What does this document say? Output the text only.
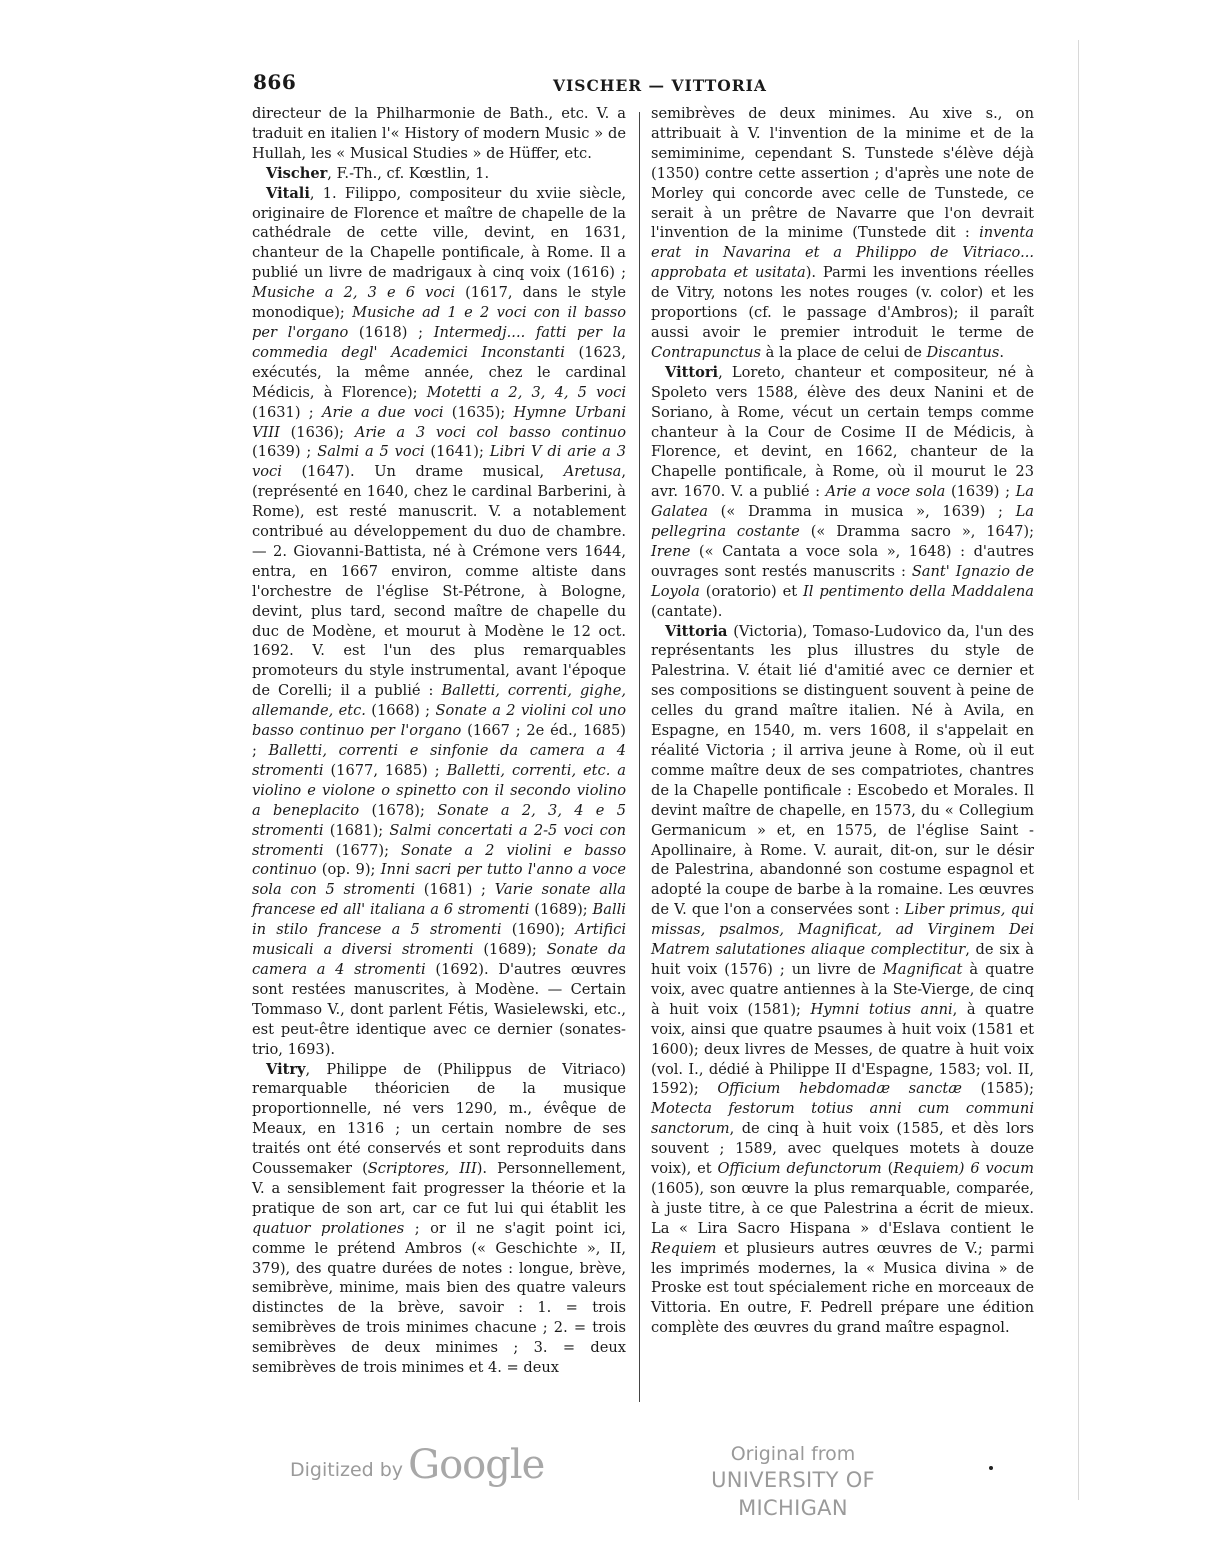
866	VISCHER — VITTORIA

directeur de la Philharmonie de Bath., etc. V. a traduit en italien l'« History of modern Music » de Hullah, les « Musical Studies » de Hüffer, etc.

Vischer, F.-Th., cf. Kœstlin, 1.

Vitali, 1. Filippo, compositeur du xviie siècle, originaire de Florence et maître de chapelle de la cathédrale de cette ville, devint, en 1631, chanteur de la Chapelle pontificale, à Rome. Il a publié un livre de madrigaux à cinq voix (1616) ; Musiche a 2, 3 e 6 voci (1617, dans le style monodique); Musiche ad 1 e 2 voci con il basso per l'organo (1618) ; Intermedj.... fatti per la commedia degl' Academici Inconstanti (1623, exécutés, la même année, chez le cardinal Médicis, à Florence); Motetti a 2, 3, 4, 5 voci (1631) ; Arie a due voci (1635); Hymne Urbani VIII (1636); Arie a 3 voci col basso continuo (1639) ; Salmi a 5 voci (1641); Libri V di arie a 3 voci (1647). Un drame musical, Aretusa, (représenté en 1640, chez le cardinal Barberini, à Rome), est resté manuscrit. V. a notablement contribué au développement du duo de chambre. — 2. Giovanni-Battista, né à Crémone vers 1644, entra, en 1667 environ, comme altiste dans l'orchestre de l'église St-Pétrone, à Bologne, devint, plus tard, second maître de chapelle du duc de Modène, et mourut à Modène le 12 oct. 1692. V. est l'un des plus remarquables promoteurs du style instrumental, avant l'époque de Corelli; il a publié : Balletti, correnti, gighe, allemande, etc. (1668) ; Sonate a 2 violini col uno basso continuo per l'organo (1667 ; 2e éd., 1685) ; Balletti, correnti e sinfonie da camera a 4 stromenti (1677, 1685) ; Balletti, correnti, etc. a violino e violone o spinetto con il secondo violino a beneplacito (1678); Sonate a 2, 3, 4 e 5 stromenti (1681); Salmi concertati a 2-5 voci con stromenti (1677); Sonate a 2 violini e basso continuo (op. 9); Inni sacri per tutto l'anno a voce sola con 5 stromenti (1681) ; Varie sonate alla francese ed all' italiana a 6 stromenti (1689); Balli in stilo francese a 5 stromenti (1690); Artifici musicali a diversi stromenti (1689); Sonate da camera a 4 stromenti (1692). D'autres œuvres sont restées manuscrites, à Modène. — Certain Tommaso V., dont parlent Fétis, Wasielewski, etc., est peut-être identique avec ce dernier (sonates-trio, 1693).

Vitry, Philippe de (Philippus de Vitriaco) remarquable théoricien de la musique proportionnelle, né vers 1290, m., évêque de Meaux, en 1316 ; un certain nombre de ses traités ont été conservés et sont reproduits dans Coussemaker (Scriptores, III). Personnellement, V. a sensiblement fait progresser la théorie et la pratique de son art, car ce fut lui qui établit les quatuor prolationes ; or il ne s'agit point ici, comme le prétend Ambros (« Geschichte », II, 379), des quatre durées de notes : longue, brève, semibrève, minime, mais bien des quatre valeurs distinctes de la brève, savoir : 1. = trois semibrèves de trois minimes chacune ; 2. = trois semibrèves de deux minimes ; 3. = deux semibrèves de trois minimes et 4. = deux

semibrèves de deux minimes. Au xive s., on attribuait à V. l'invention de la minime et de la semiminime, cependant S. Tunstede s'élève déjà (1350) contre cette assertion ; d'après une note de Morley qui concorde avec celle de Tunstede, ce serait à un prêtre de Navarre que l'on devrait l'invention de la minime (Tunstede dit : inventa erat in Navarina et a Philippo de Vitriaco... approbata et usitata). Parmi les inventions réelles de Vitry, notons les notes rouges (v. color) et les proportions (cf. le passage d'Ambros); il paraît aussi avoir le premier introduit le terme de Contrapunctus à la place de celui de Discantus.

Vittori, Loreto, chanteur et compositeur, né à Spoleto vers 1588, élève des deux Nanini et de Soriano, à Rome, vécut un certain temps comme chanteur à la Cour de Cosime II de Médicis, à Florence, et devint, en 1662, chanteur de la Chapelle pontificale, à Rome, où il mourut le 23 avr. 1670. V. a publié : Arie a voce sola (1639) ; La Galatea (« Dramma in musica », 1639) ; La pellegrina costante (« Dramma sacro », 1647); Irene (« Cantata a voce sola », 1648) : d'autres ouvrages sont restés manuscrits : Sant' Ignazio de Loyola (oratorio) et Il pentimento della Maddalena (cantate).

Vittoria (Victoria), Tomaso-Ludovico da, l'un des représentants les plus illustres du style de Palestrina. V. était lié d'amitié avec ce dernier et ses compositions se distinguent souvent à peine de celles du grand maître italien. Né à Avila, en Espagne, en 1540, m. vers 1608, il s'appelait en réalité Victoria ; il arriva jeune à Rome, où il eut comme maître deux de ses compatriotes, chantres de la Chapelle pontificale : Escobedo et Morales. Il devint maître de chapelle, en 1573, du « Collegium Germanicum » et, en 1575, de l'église Saint - Apollinaire, à Rome. V. aurait, dit-on, sur le désir de Palestrina, abandonné son costume espagnol et adopté la coupe de barbe à la romaine. Les œuvres de V. que l'on a conservées sont : Liber primus, qui missas, psalmos, Magnificat, ad Virginem Dei Matrem salutationes aliaque complectitur, de six à huit voix (1576) ; un livre de Magnificat à quatre voix, avec quatre antiennes à la Ste-Vierge, de cinq à huit voix (1581); Hymni totius anni, à quatre voix, ainsi que quatre psaumes à huit voix (1581 et 1600); deux livres de Messes, de quatre à huit voix (vol. I., dédié à Philippe II d'Espagne, 1583; vol. II, 1592); Officium hebdomadæ sanctæ (1585); Motecta festorum totius anni cum communi sanctorum, de cinq à huit voix (1585, et dès lors souvent ; 1589, avec quelques motets à douze voix), et Officium defunctorum (Requiem) 6 vocum (1605), son œuvre la plus remarquable, comparée, à juste titre, à ce que Palestrina a écrit de mieux. La « Lira Sacro Hispana » d'Eslava contient le Requiem et plusieurs autres œuvres de V.; parmi les imprimés modernes, la « Musica divina » de Proske est tout spécialement riche en morceaux de Vittoria. En outre, F. Pedrell prépare une édition complète des œuvres du grand maître espagnol.

Digitized by Google	Original from
UNIVERSITY OF MICHIGAN
